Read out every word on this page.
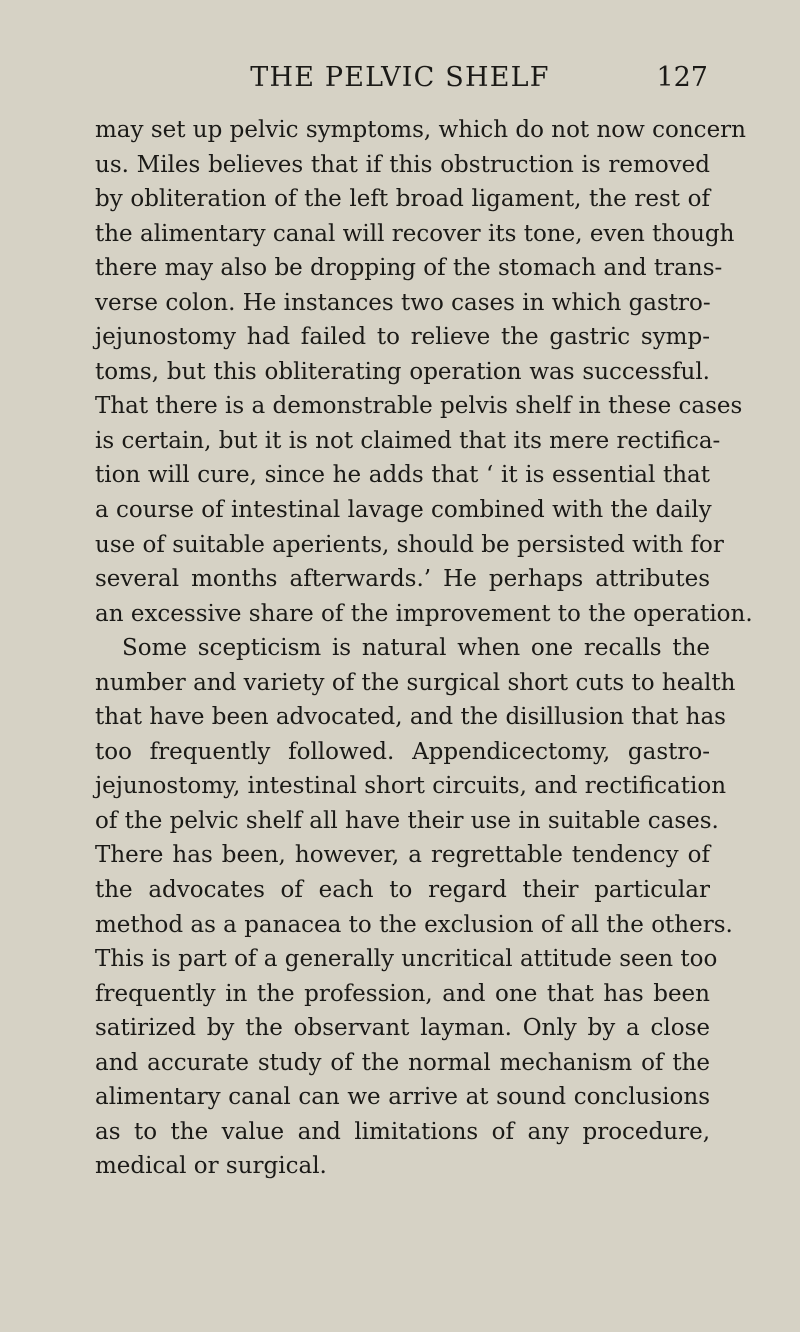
THE PELVIC SHELF	127
may set up pelvic symptoms, which do not now concern
us. Miles believes that if this obstruction is removed
by obliteration of the left broad ligament, the rest of
the alimentary canal will recover its tone, even though
there may also be dropping of the stomach and trans-
verse colon. He instances two cases in which gastro-
jejunostomy had failed to relieve the gastric symp-
toms, but this obliterating operation was successful.
That there is a demonstrable pelvis shelf in these cases
is certain, but it is not claimed that its mere rectifica-
tion will cure, since he adds that ‘ it is essential that
a course of intestinal lavage combined with the daily
use of suitable aperients, should be persisted with for
several months afterwards.’ He perhaps attributes
an excessive share of the improvement to the operation.
Some scepticism is natural when one recalls the
number and variety of the surgical short cuts to health
that have been advocated, and the disillusion that has
too frequently followed. Appendicectomy, gastro-
jejunostomy, intestinal short circuits, and rectification
of the pelvic shelf all have their use in suitable cases.
There has been, however, a regrettable tendency of
the advocates of each to regard their particular
method as a panacea to the exclusion of all the others.
This is part of a generally uncritical attitude seen too
frequently in the profession, and one that has been
satirized by the observant layman. Only by a close
and accurate study of the normal mechanism of the
alimentary canal can we arrive at sound conclusions
as to the value and limitations of any procedure,
medical or surgical.
